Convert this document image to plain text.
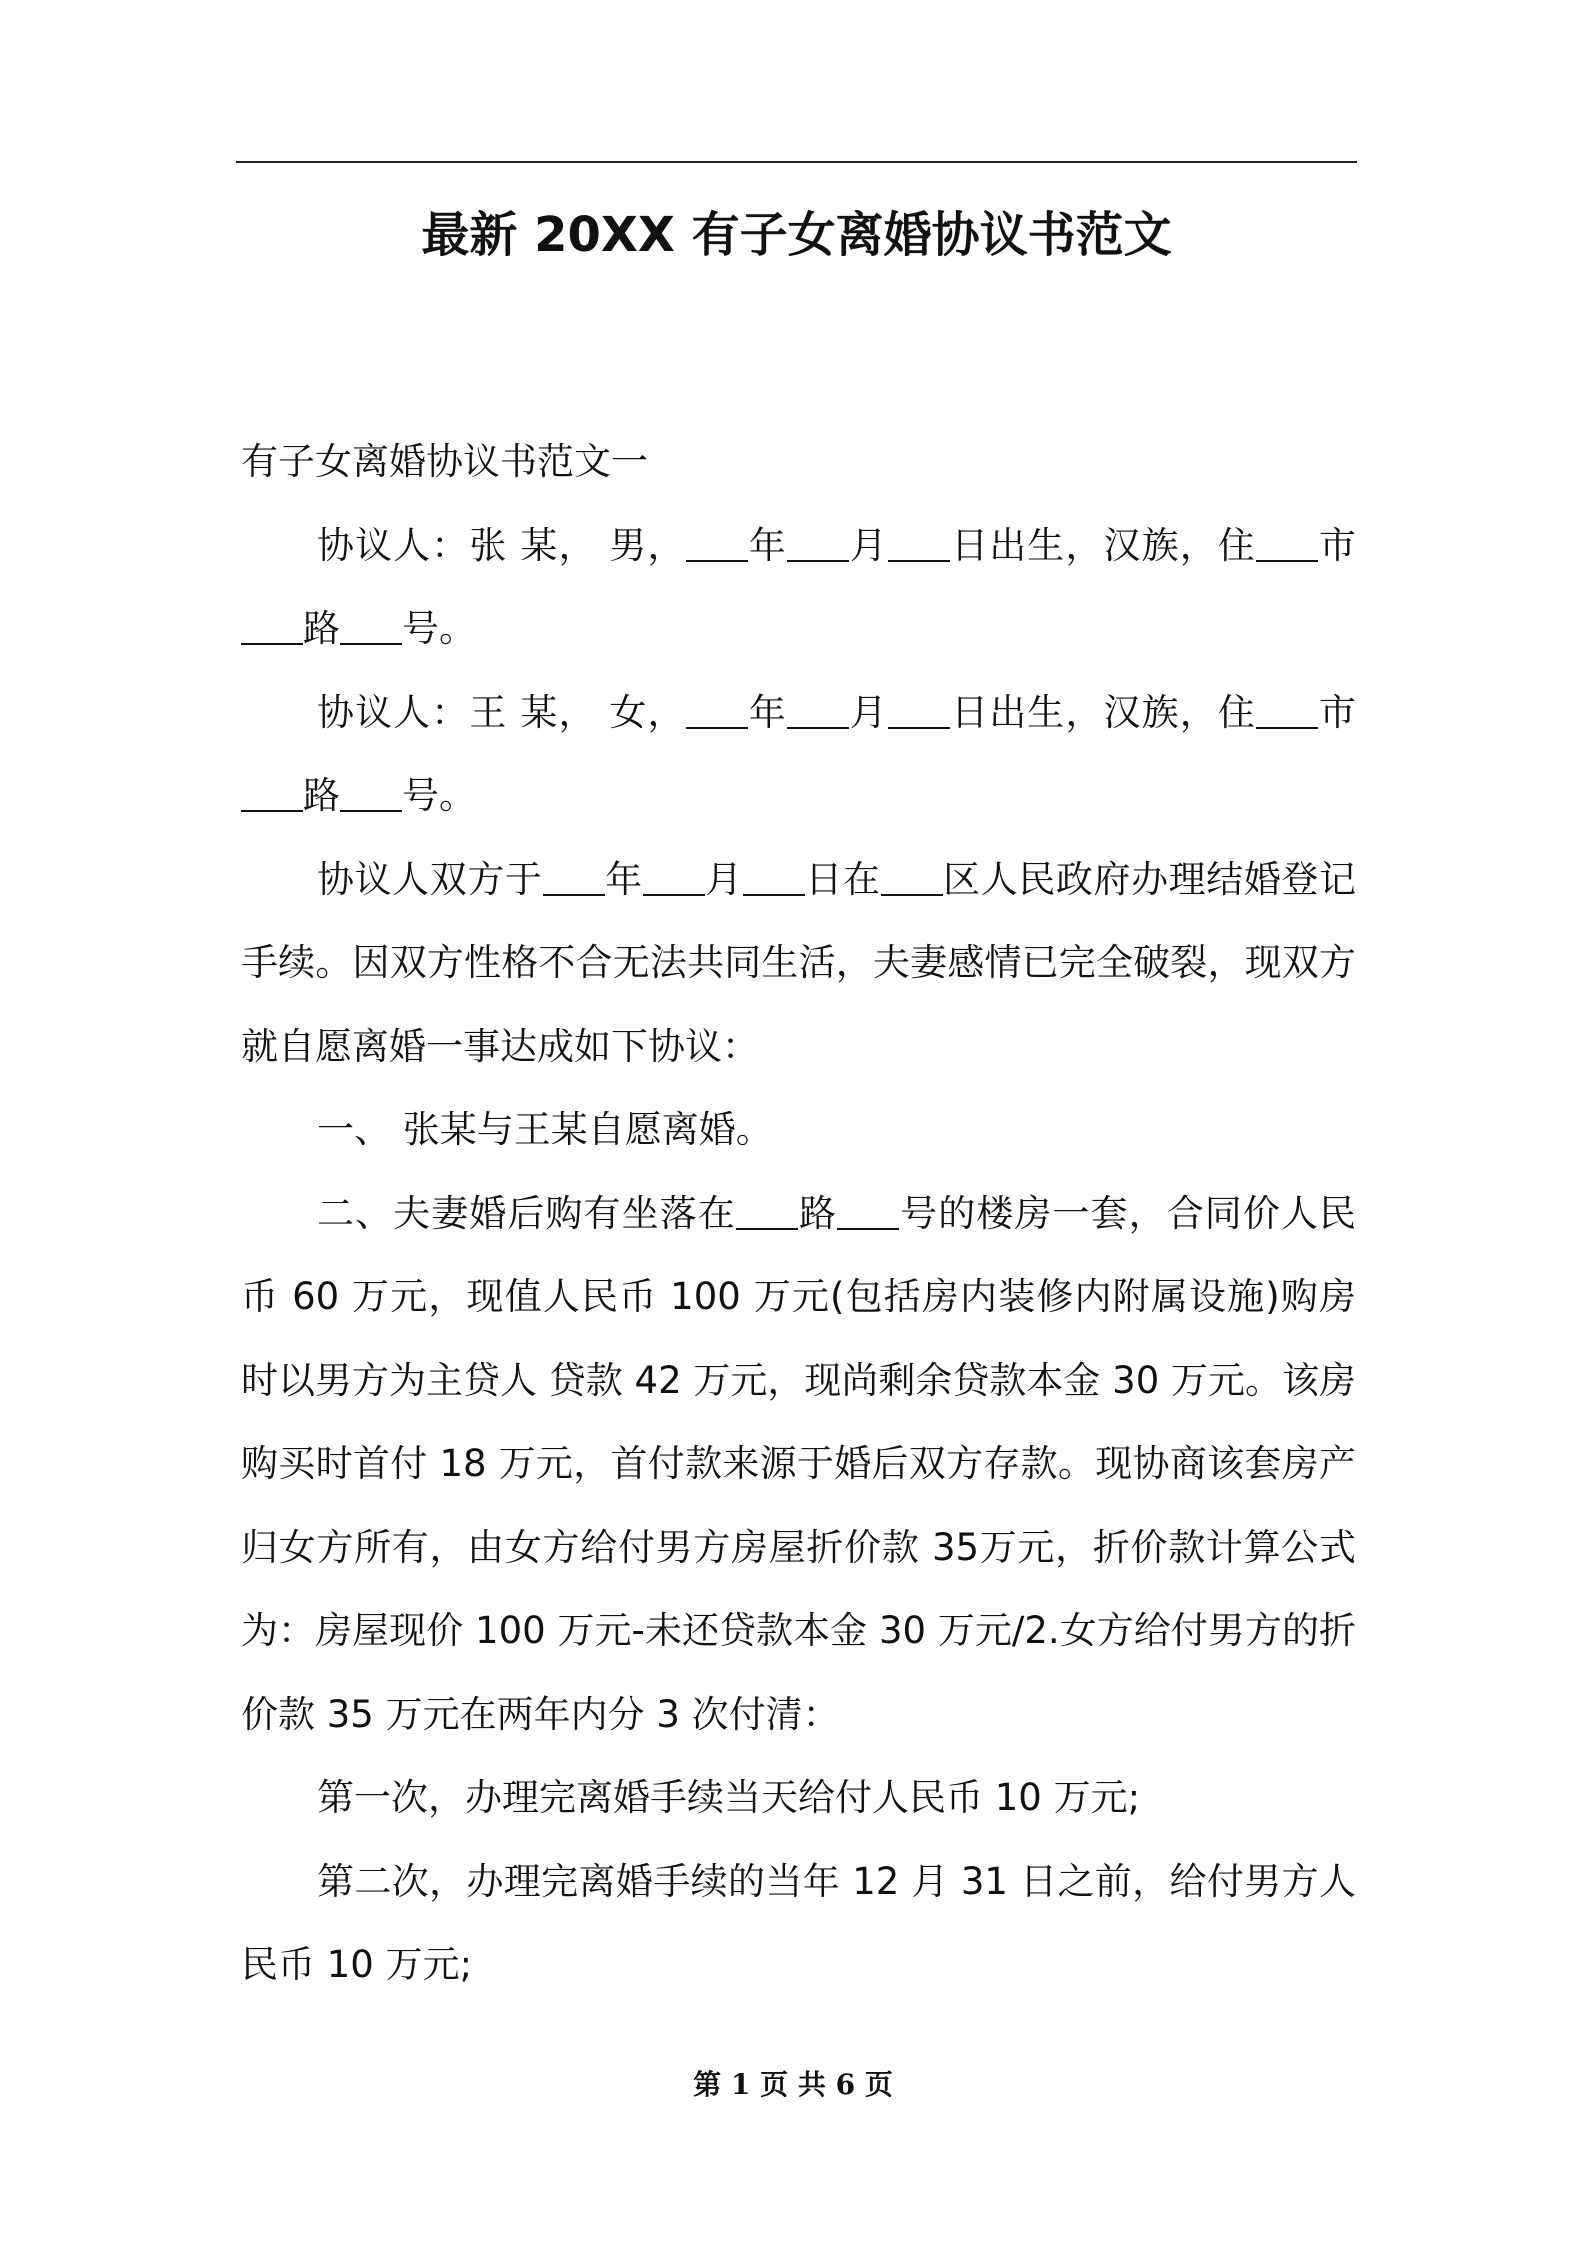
最新 20XX 有子女离婚协议书范文

有子女离婚协议书范文一

协议人：张 某， 男， 年 月 日出生，汉族，住 市路 号。

协议人：王 某， 女， 年 月 日出生，汉族，住 市路 号。

协议人双方于 年 月 日在 区人民政府办理结婚登记手续。因双方性格不合无法共同生活，夫妻感情已完全破裂，现双方就自愿离婚一事达成如下协议：

一、 张某与王某自愿离婚。

二、夫妻婚后购有坐落在 路 号的楼房一套，合同价人民币 60 万元，现值人民币 100 万元(包括房内装修内附属设施)购房时以男方为主贷人 贷款 42 万元，现尚剩余贷款本金 30 万元。该房购买时首付 18 万元，首付款来源于婚后双方存款。现协商该套房产归女方所有，由女方给付男方房屋折价款 35万元，折价款计算公式为：房屋现价 100 万元-未还贷款本金 30 万元/2.女方给付男方的折价款 35 万元在两年内分 3 次付清：

第一次，办理完离婚手续当天给付人民币 10 万元;

第二次，办理完离婚手续的当年 12 月 31 日之前，给付男方人民币 10 万元;

第 1 页 共 6 页
